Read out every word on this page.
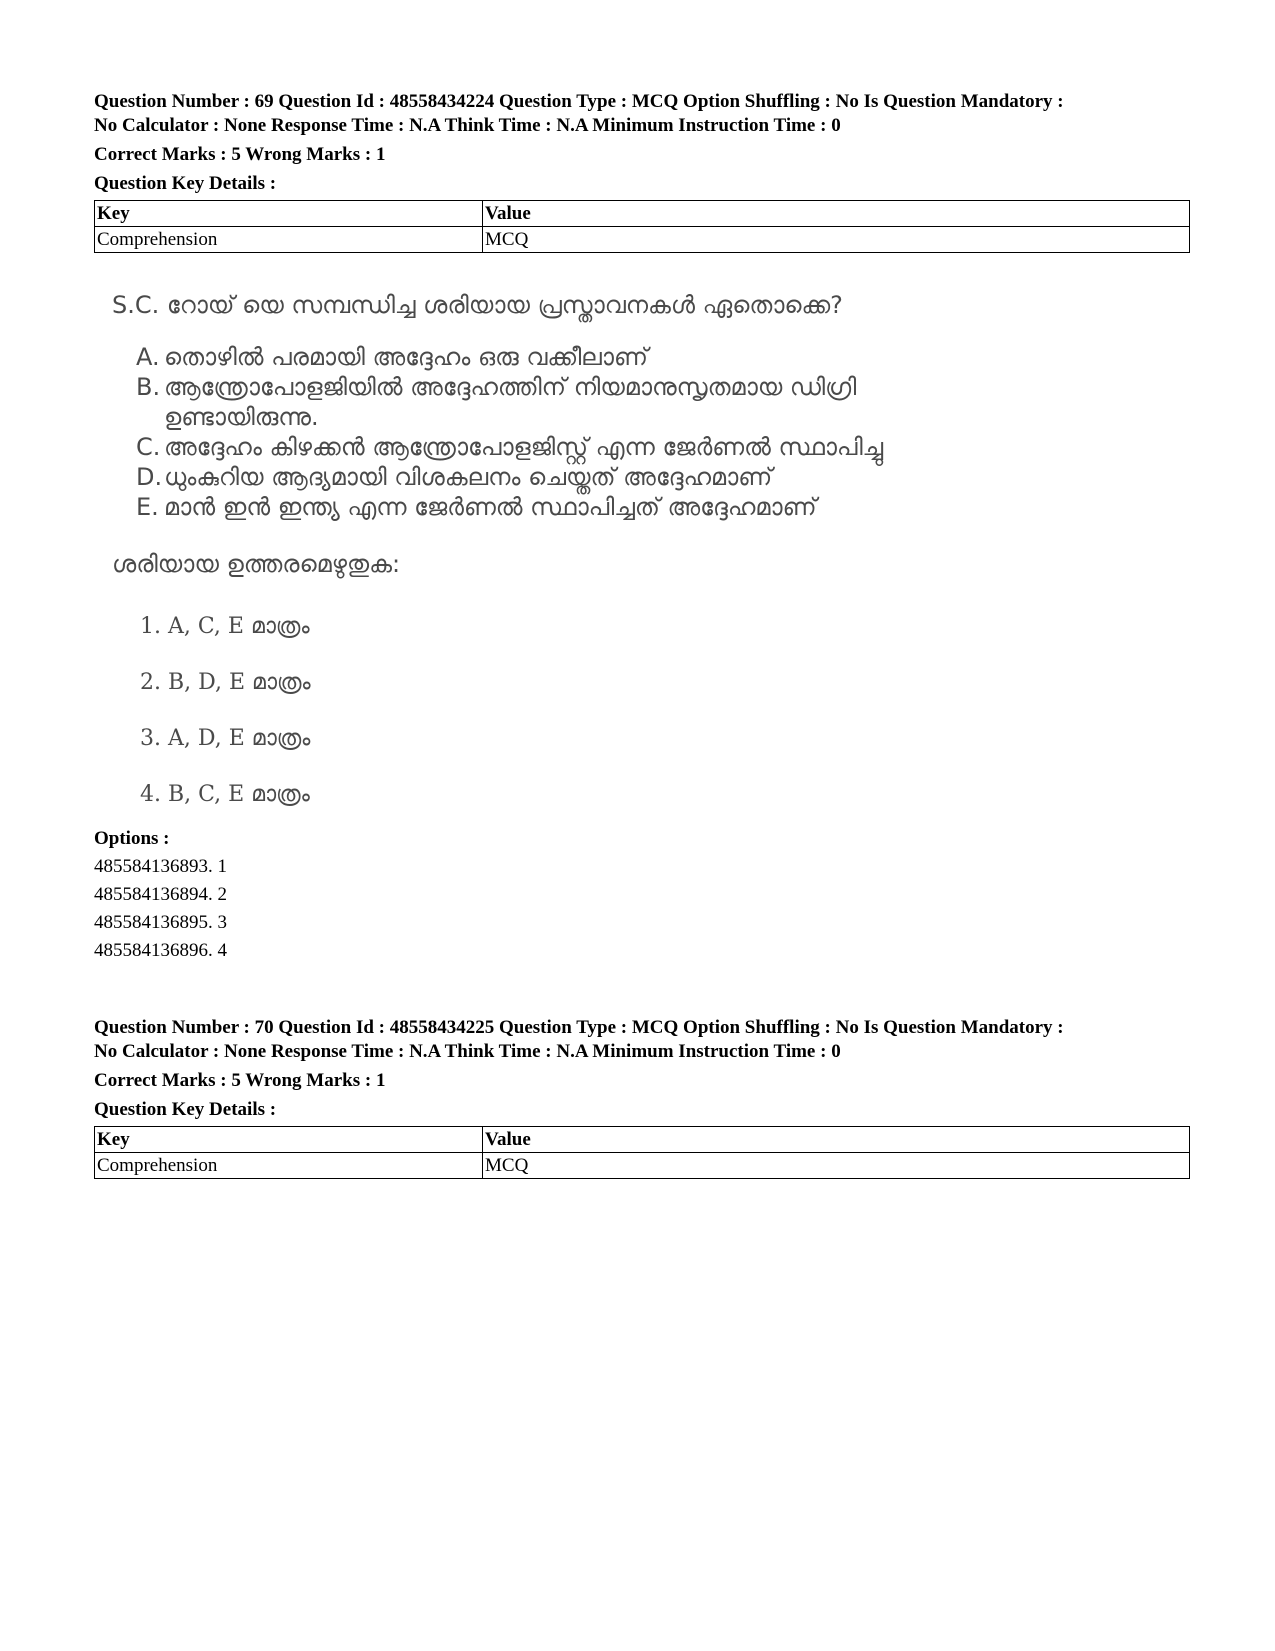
Question Number : 69 Question Id : 48558434224 Question Type : MCQ Option Shuffling : No Is Question Mandatory :
No Calculator : None Response Time : N.A Think Time : N.A Minimum Instruction Time : 0
Correct Marks : 5 Wrong Marks : 1
Question Key Details :
Key	Value
Comprehension	MCQ
S.C. റോയ് യെ സമ്പന്ധിച്ച ശരിയായ പ്രസ്താവനകൾ ഏതൊക്കെ?
A. തൊഴിൽ പരമായി അദ്ദേഹം ഒരു വക്കീലാണ്
B. ആന്ത്രോപോളജിയിൽ അദ്ദേഹത്തിന് നിയമാനുസൃതമായ ഡിഗ്രി
ഉണ്ടായിരുന്നു.
C. അദ്ദേഹം കിഴക്കൻ ആന്ത്രോപോളജിസ്റ്റ് എന്ന ജേർണൽ സ്ഥാപിച്ചു
D.ധുംകുറിയ ആദ്യമായി വിശകലനം ചെയ്തത് അദ്ദേഹമാണ്
E. മാൻ ഇൻ ഇന്ത്യ എന്ന ജേർണൽ സ്ഥാപിച്ചത് അദ്ദേഹമാണ്
ശരിയായ ഉത്തരമെഴുതുക:
1. A, C, E മാത്രം
2. B, D, E മാത്രം
3. A, D, E മാത്രം
4. B, C, E മാത്രം
Options :
485584136893. 1
485584136894. 2
485584136895. 3
485584136896. 4
Question Number : 70 Question Id : 48558434225 Question Type : MCQ Option Shuffling : No Is Question Mandatory :
No Calculator : None Response Time : N.A Think Time : N.A Minimum Instruction Time : 0
Correct Marks : 5 Wrong Marks : 1
Question Key Details :
Key	Value
Comprehension	MCQ
